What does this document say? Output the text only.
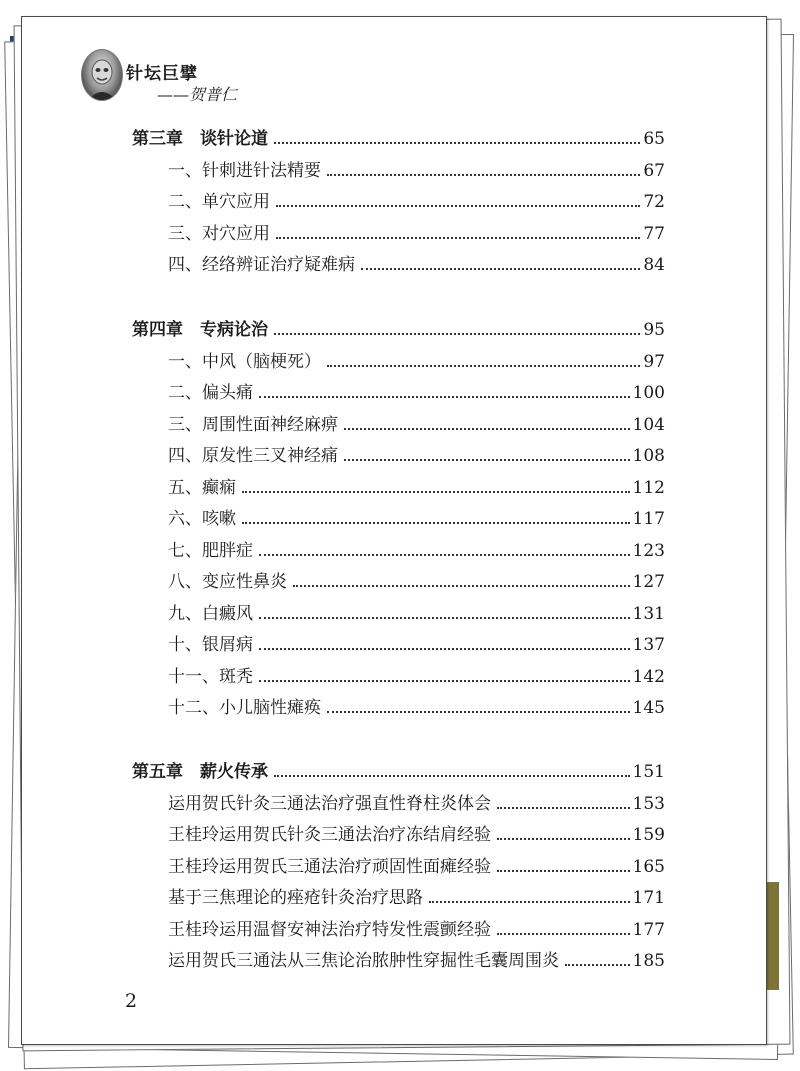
针坛巨擘
——贺普仁
第三章　谈针论道	65
一、针刺进针法精要	67
二、单穴应用	72
三、对穴应用	77
四、经络辨证治疗疑难病	84
第四章　专病论治	95
一、中风（脑梗死）	97
二、偏头痛	100
三、周围性面神经麻痹	104
四、原发性三叉神经痛	108
五、癫痫	112
六、咳嗽	117
七、肥胖症	123
八、变应性鼻炎	127
九、白癜风	131
十、银屑病	137
十一、斑秃	142
十二、小儿脑性瘫痪	145
第五章　薪火传承	151
运用贺氏针灸三通法治疗强直性脊柱炎体会	153
王桂玲运用贺氏针灸三通法治疗冻结肩经验	159
王桂玲运用贺氏三通法治疗顽固性面瘫经验	165
基于三焦理论的痤疮针灸治疗思路	171
王桂玲运用温督安神法治疗特发性震颤经验	177
运用贺氏三通法从三焦论治脓肿性穿掘性毛囊周围炎	185
2
